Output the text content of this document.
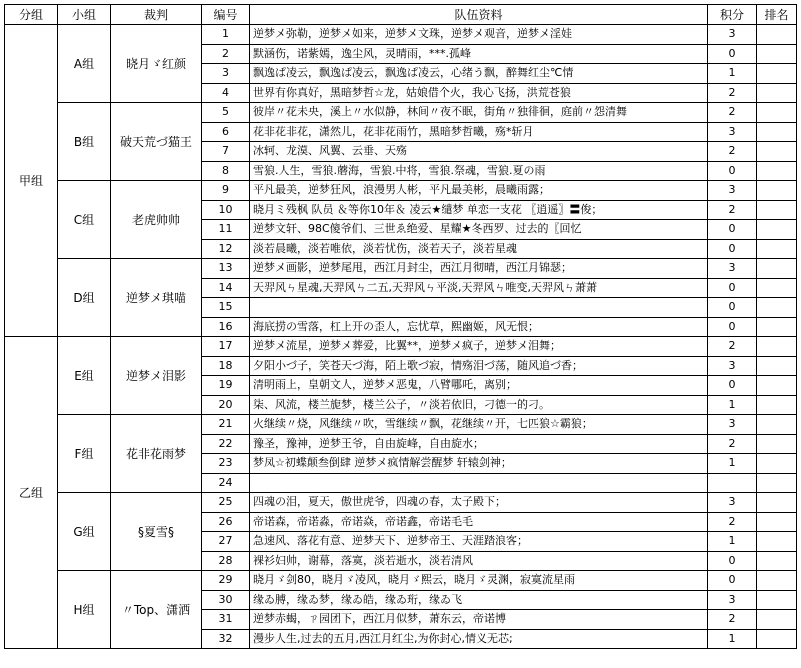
分组	小组	裁判	编号	队伍资料	积分	排名
甲组	A组	晓月ゞ红颜	1	逆梦メ弥勒，逆梦メ如来，逆梦メ文珠，逆梦メ观音，逆梦メ淫娃	3	
			2	默涵伤，诺紫嫣，逸尘风，灵晴雨，***.孤峰	0	
			3	飘逸ぱ凌云，飘逸ぱ凌云，飘逸ぱ凌云，心绪う飘，醉舞红尘℃情	1	
			4	世界有你真好，黑暗梦哲☆龙，姑娘借个火，我心飞扬，洪荒苍狼	2	
	B组	破天荒づ猫王	5	彼岸〃花未央，溪上〃水似静，林间〃夜不眠，街角〃独徘徊，庭前〃怨清舞	2	
			6	花非花非花，潇然儿，花非花雨竹，黑暗梦哲曦，殇*斩月	3	
			7	冰轲、龙漠、风翼、云垂、天殇	2	
			8	雪狼.人生，雪狼.蘑海，雪狼.中将，雪狼.祭魂，雪狼.夏の雨	0	
	C组	老虎帅帅	9	平凡最美，逆梦狂风，浪漫男人彬，平凡最美彬，晨曦雨露；	3	
			10	晓月ミ残枫 队员 ＆等你10年＆ 凌云★缱梦 单恋一支花 〖逍遥〗〓俊；	2	
			11	逆梦文轩、98C傻爷们、三世ゑ绝爱、星耀★冬西罗、过去的〖回忆	0	
			12	淡若晨曦，淡若唯依，淡若忧伤，淡若天子，淡若星魂	0	
	D组	逆梦メ琪喵	13	逆梦メ画影，逆梦尾甩，西江月封尘，西江月彻晴，西江月锦瑟；	3	
			14	天羿风ㄣ星魂,天羿风ㄣ二五,天羿风ㄣ平淡,天羿风ㄣ唯变,天羿风ㄣ萧萧	0	
			15		0	
			16	海底捞の雪落，杠上开の歪人，忘忧草，熙幽姬，风无恨；	0	
乙组	E组	逆梦メ泪影	17	逆梦メ流星，逆梦メ葬爱，比翼**，逆梦メ疯子，逆梦メ泪舞；	2	
			18	夕阳小づ子，笑苍天づ海，陌上歌づ寂，情殇泪づ荡，随风追づ香；	3	
			19	清明雨上，皇朝文人，逆梦メ恶鬼，八臂哪吒，离别；	0	
			20	柒、风流，楼兰旎梦，楼兰公子，〃淡若依旧，刁德一的刁。	1	
	F组	花非花雨梦	21	火继续〃烧，风继续〃吹，雪继续〃飘，花继续〃开，七匹狼☆霸狼；	3	
			22	豫圣，豫神，逆梦王爷，自由旋峰，自由旋水；	2	
			23	梦凤☆初蝶颠叁倒肆 逆梦メ疯情解尝醒梦 轩辕剑神；	1	
			24			
	G组	§夏雪§	25	四魂の泪，夏天，傲世虎爷，四魂の春，太子殿下；	3	
			26	帝诺森，帝诺淼，帝诺焱，帝诺鑫，帝诺毛毛	2	
			27	急速风、落花有意、逆梦天下、逆梦帝王、天涯踏浪客；	1	
			28	裸衫妇帅，谢幕，落寞，淡若逝水，淡若清风	0	
	H组	〃Top、潇洒	29	晓月ゞ剑80，晓月ゞ凌风，晓月ゞ熙云，晓月ゞ灵渊，寂寞流星雨	0	
			30	缘ゐ膊，缘ゐ梦，缘ゐ皓，缘ゐ珩，缘ゐ飞	3	
			31	逆梦赤蝎，ㄗ园团下，西江月似梦，萧东云，帝诺博	2	
			32	漫步人生,过去的五月,西江月红尘,为你封心,情义无芯;	1	
